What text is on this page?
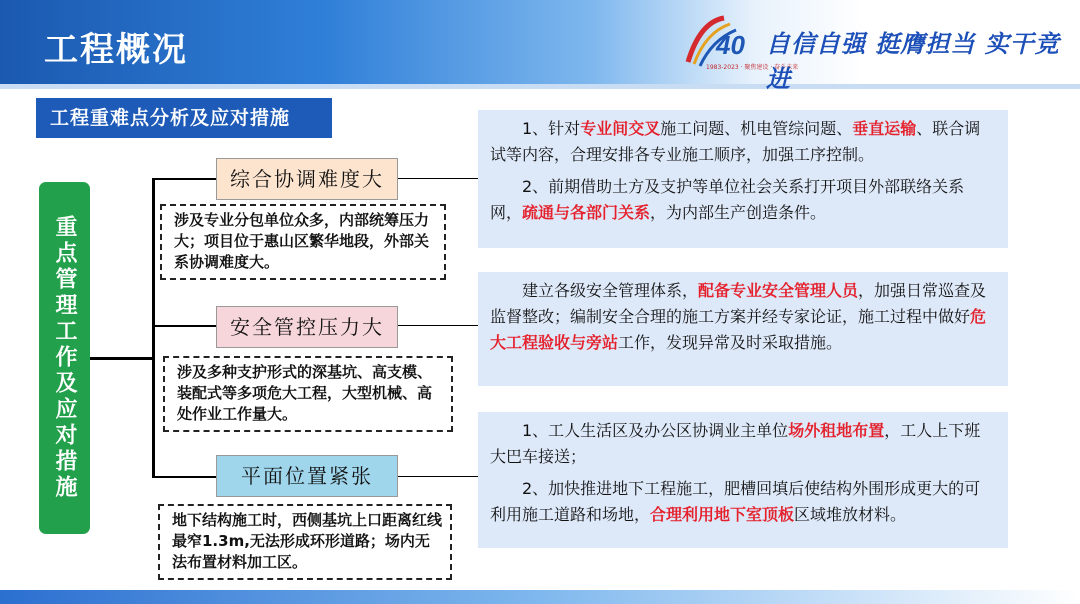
工程概况	40
1983-2023 · 聚焦建设 · 奋斗未来
自信自强 挺膺担当 实干竞进
工程重难点分析及应对措施
重点管理工作及应对措施
综合协调难度大
安全管控压力大
平面位置紧张
涉及专业分包单位众多，内部统筹压力大；项目位于惠山区繁华地段，外部关系协调难度大。
涉及多种支护形式的深基坑、高支模、装配式等多项危大工程，大型机械、高处作业工作量大。
地下结构施工时，西侧基坑上口距离红线最窄1.3m,无法形成环形道路；场内无法布置材料加工区。

1、针对专业间交叉施工问题、机电管综问题、垂直运输、联合调试等内容，合理安排各专业施工顺序，加强工序控制。

2、前期借助土方及支护等单位社会关系打开项目外部联络关系网，疏通与各部门关系，为内部生产创造条件。

建立各级安全管理体系，配备专业安全管理人员，加强日常巡查及监督整改；编制安全合理的施工方案并经专家论证，施工过程中做好危大工程验收与旁站工作，发现异常及时采取措施。

1、工人生活区及办公区协调业主单位场外租地布置，工人上下班大巴车接送；

2、加快推进地下工程施工，肥槽回填后使结构外围形成更大的可利用施工道路和场地，合理利用地下室顶板区域堆放材料。
